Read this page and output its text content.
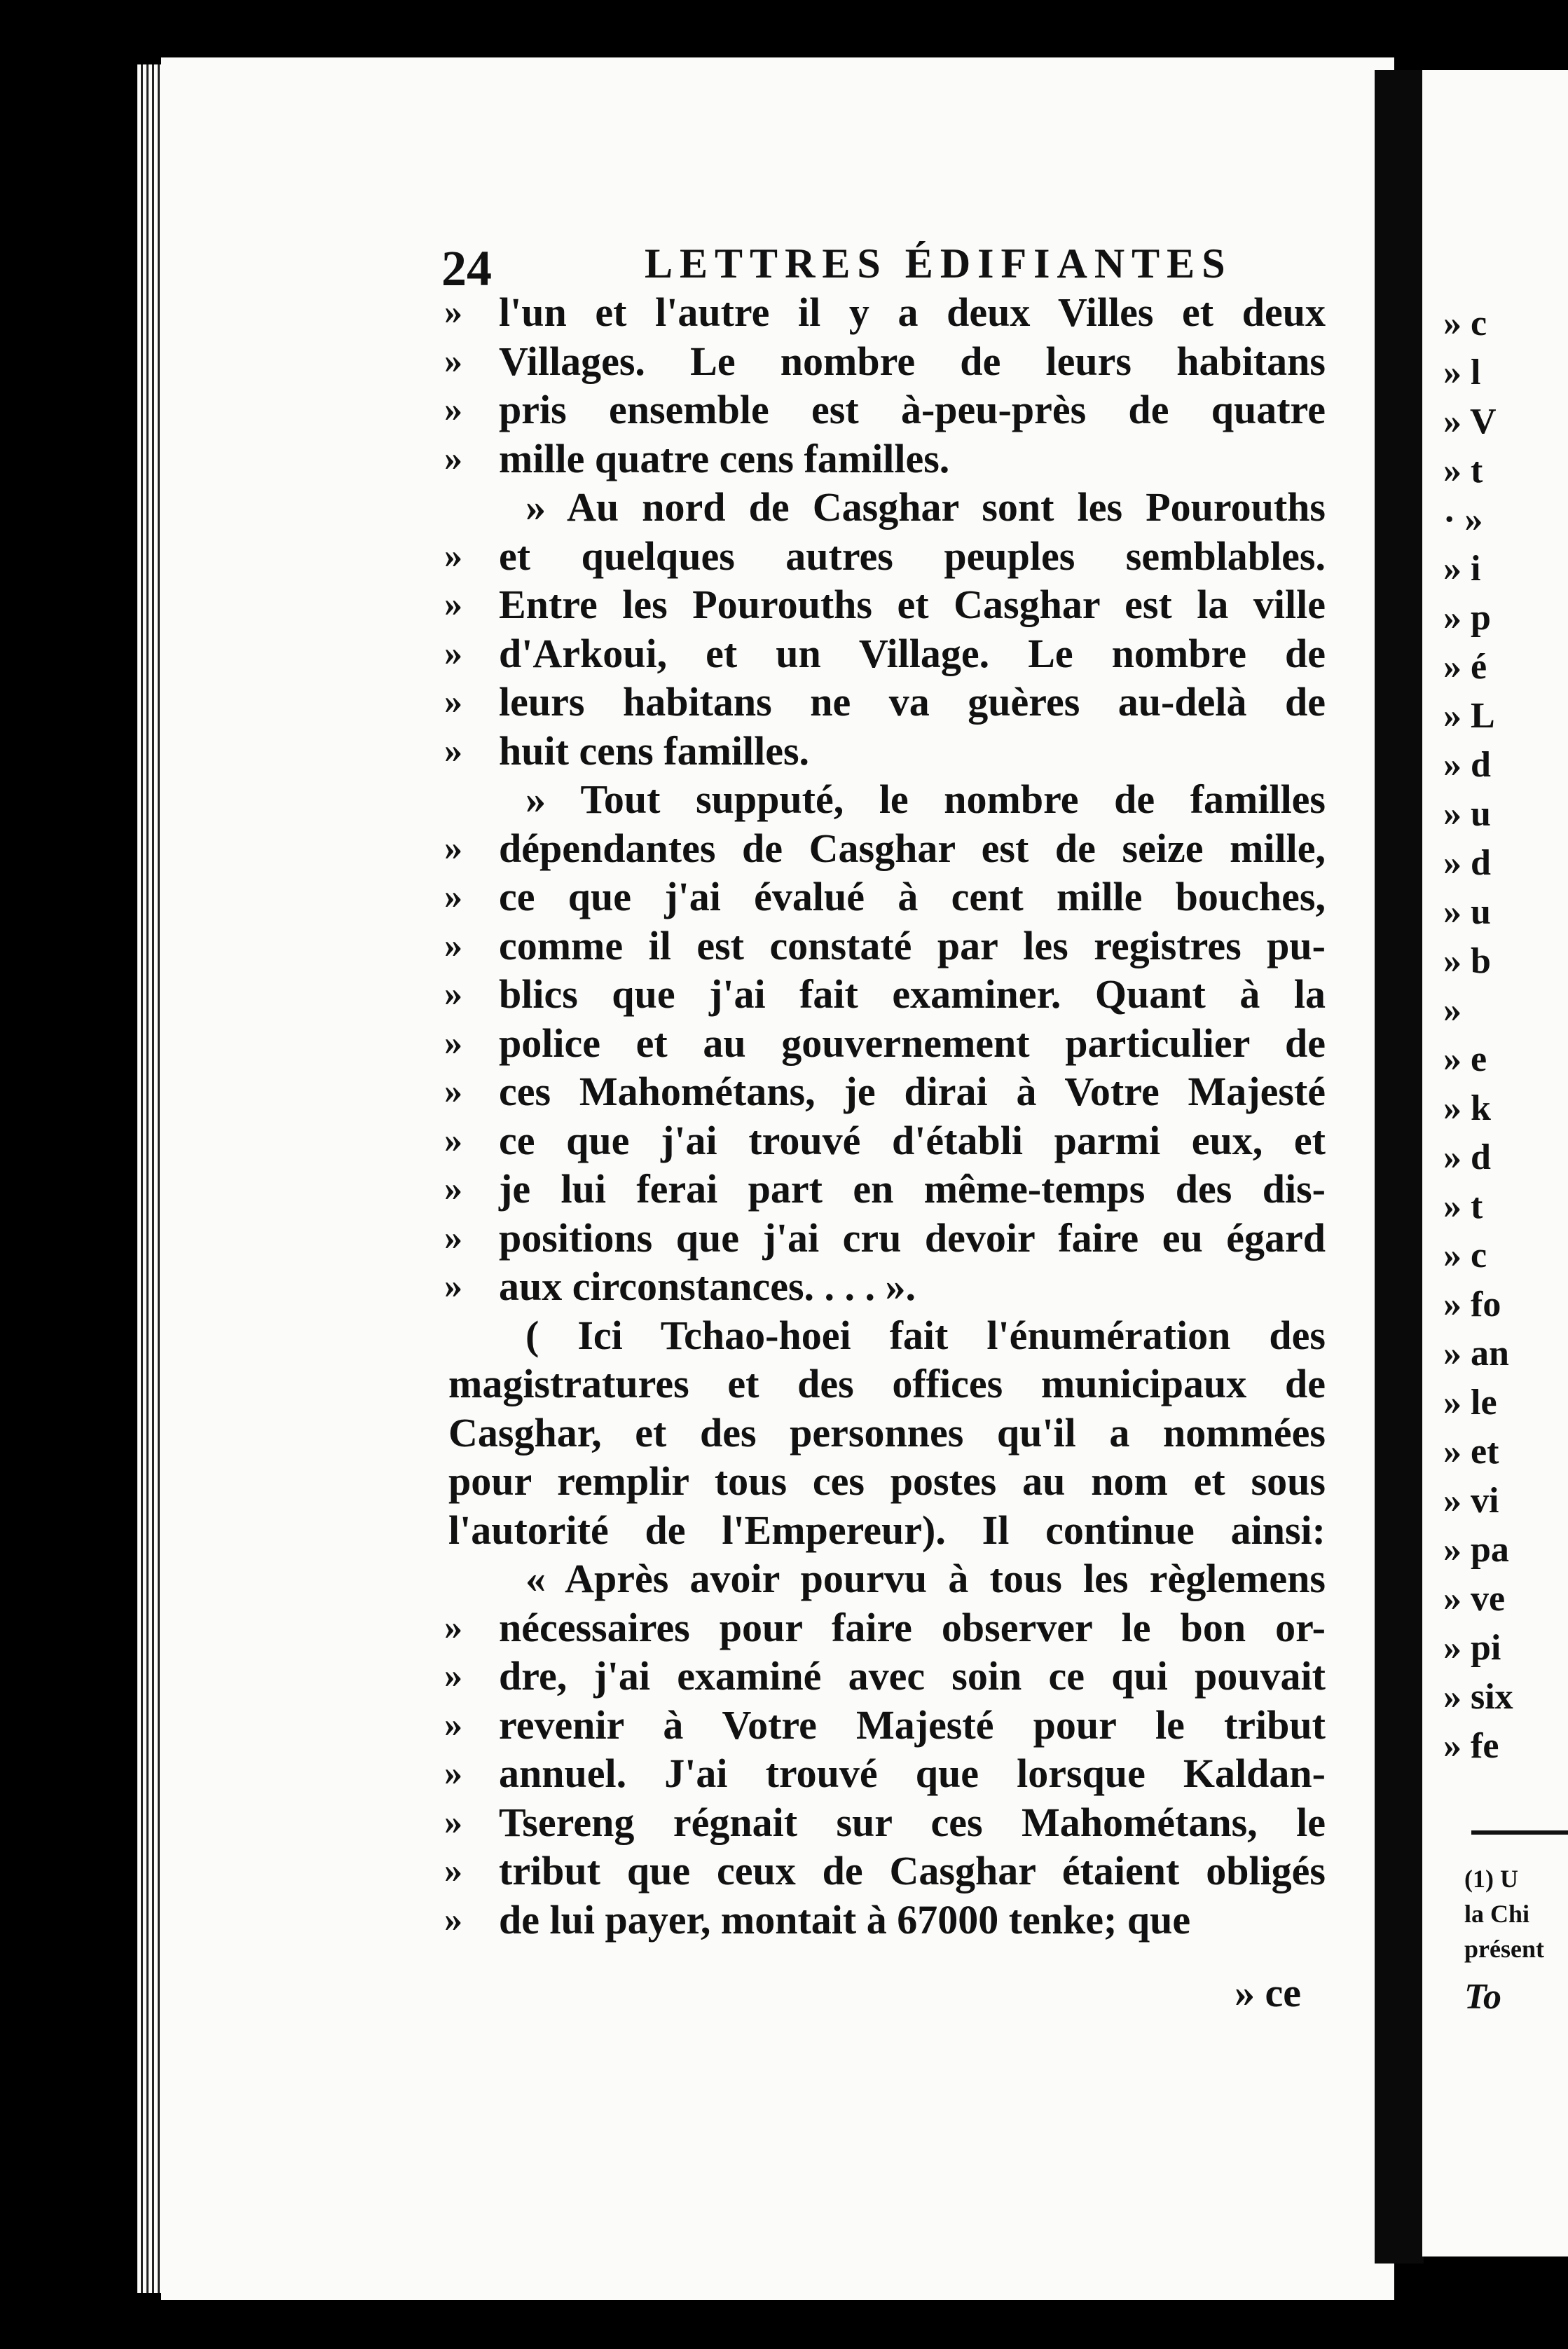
24	LETTRES ÉDIFIANTES
» l'un et l'autre il y a deux Villes et deux
» Villages. Le nombre de leurs habitans
» pris ensemble est à-peu-près de quatre
» mille quatre cens familles.
» Au nord de Casghar sont les Pourouths
» et quelques autres peuples semblables.
» Entre les Pourouths et Casghar est la ville
» d'Arkoui, et un Village. Le nombre de
» leurs habitans ne va guères au-delà de
» huit cens familles.
» Tout supputé, le nombre de familles
» dépendantes de Casghar est de seize mille,
» ce que j'ai évalué à cent mille bouches,
» comme il est constaté par les registres pu-
» blics que j'ai fait examiner. Quant à la
» police et au gouvernement particulier de
» ces Mahométans, je dirai à Votre Majesté
» ce que j'ai trouvé d'établi parmi eux, et
» je lui ferai part en même-temps des dis-
» positions que j'ai cru devoir faire eu égard
» aux circonstances. . . . ».
( Ici Tchao-hoei fait l'énumération des
magistratures et des offices municipaux de
Casghar, et des personnes qu'il a nommées
pour remplir tous ces postes au nom et sous
l'autorité de l'Empereur). Il continue ainsi:
« Après avoir pourvu à tous les règlemens
» nécessaires pour faire observer le bon or-
» dre, j'ai examiné avec soin ce qui pouvait
» revenir à Votre Majesté pour le tribut
» annuel. J'ai trouvé que lorsque Kaldan-
» Tsereng régnait sur ces Mahométans, le
» tribut que ceux de Casghar étaient obligés
» de lui payer, montait à 67000 tenke; que
» ce
» c
» l
» V
» t
· »
» i
» p
» é
» L
» d
» u
» d
» u
» b
»
» e
» k
» d
» t
» c
» fo
» an
» le
» et
» vi
» pa
» ve
» pi
» six
» fe
(1) U
la Chi
présent
To
